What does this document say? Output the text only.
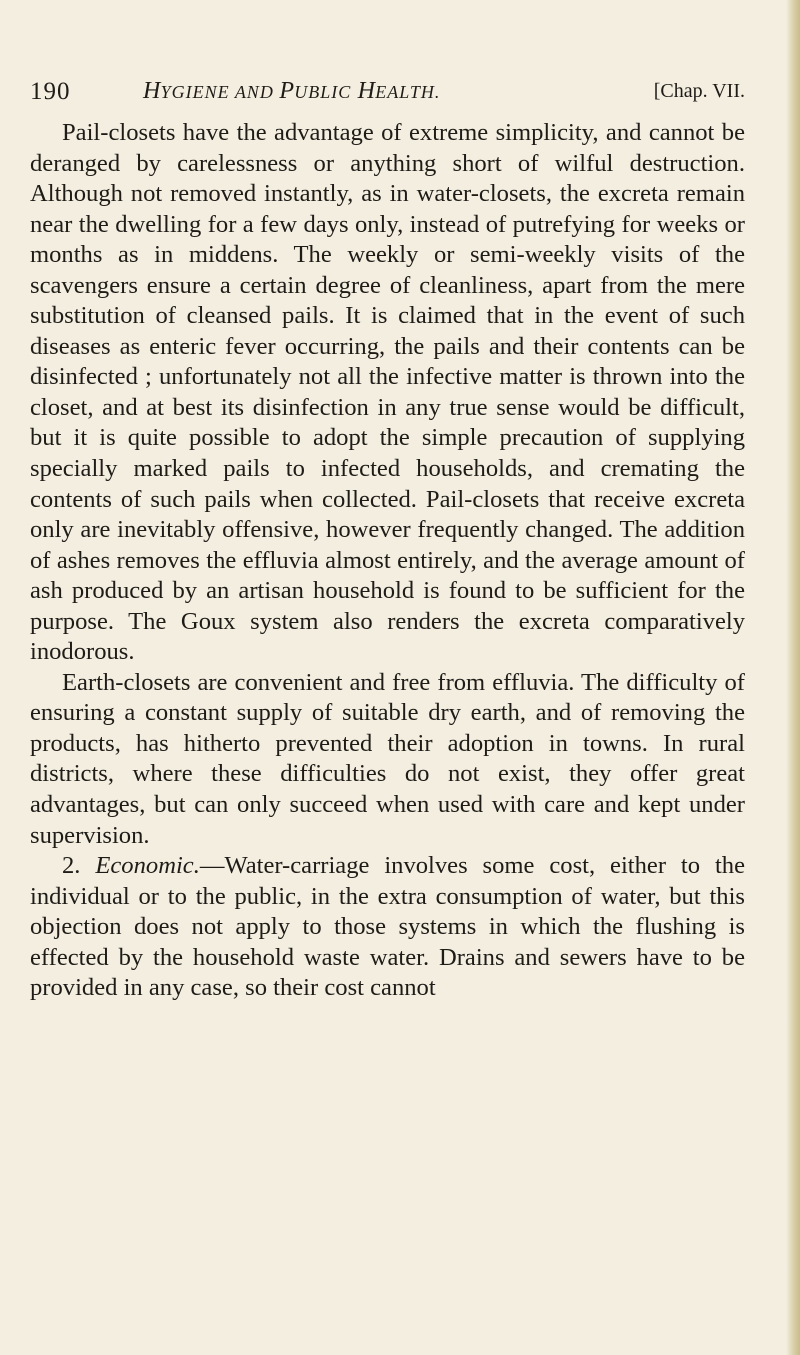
190	HYGIENE AND PUBLIC HEALTH.	[Chap. VII.

Pail-closets have the advantage of extreme simplicity, and cannot be deranged by carelessness or anything short of wilful destruction. Although not removed instantly, as in water-closets, the excreta remain near the dwelling for a few days only, instead of putrefying for weeks or months as in middens. The weekly or semi-weekly visits of the scavengers ensure a certain degree of cleanliness, apart from the mere substitution of cleansed pails. It is claimed that in the event of such diseases as enteric fever occurring, the pails and their contents can be disinfected ; unfortunately not all the infective matter is thrown into the closet, and at best its disinfection in any true sense would be difficult, but it is quite possible to adopt the simple precaution of supplying specially marked pails to infected households, and cremating the contents of such pails when collected. Pail-closets that receive excreta only are inevitably offensive, however frequently changed. The addition of ashes removes the effluvia almost entirely, and the average amount of ash produced by an artisan household is found to be sufficient for the purpose. The Goux system also renders the excreta comparatively inodorous.

Earth-closets are convenient and free from effluvia. The difficulty of ensuring a constant supply of suitable dry earth, and of removing the products, has hitherto prevented their adoption in towns. In rural districts, where these difficulties do not exist, they offer great advantages, but can only succeed when used with care and kept under supervision.

2. Economic.—Water-carriage involves some cost, either to the individual or to the public, in the extra consumption of water, but this objection does not apply to those systems in which the flushing is effected by the household waste water. Drains and sewers have to be provided in any case, so their cost cannot
